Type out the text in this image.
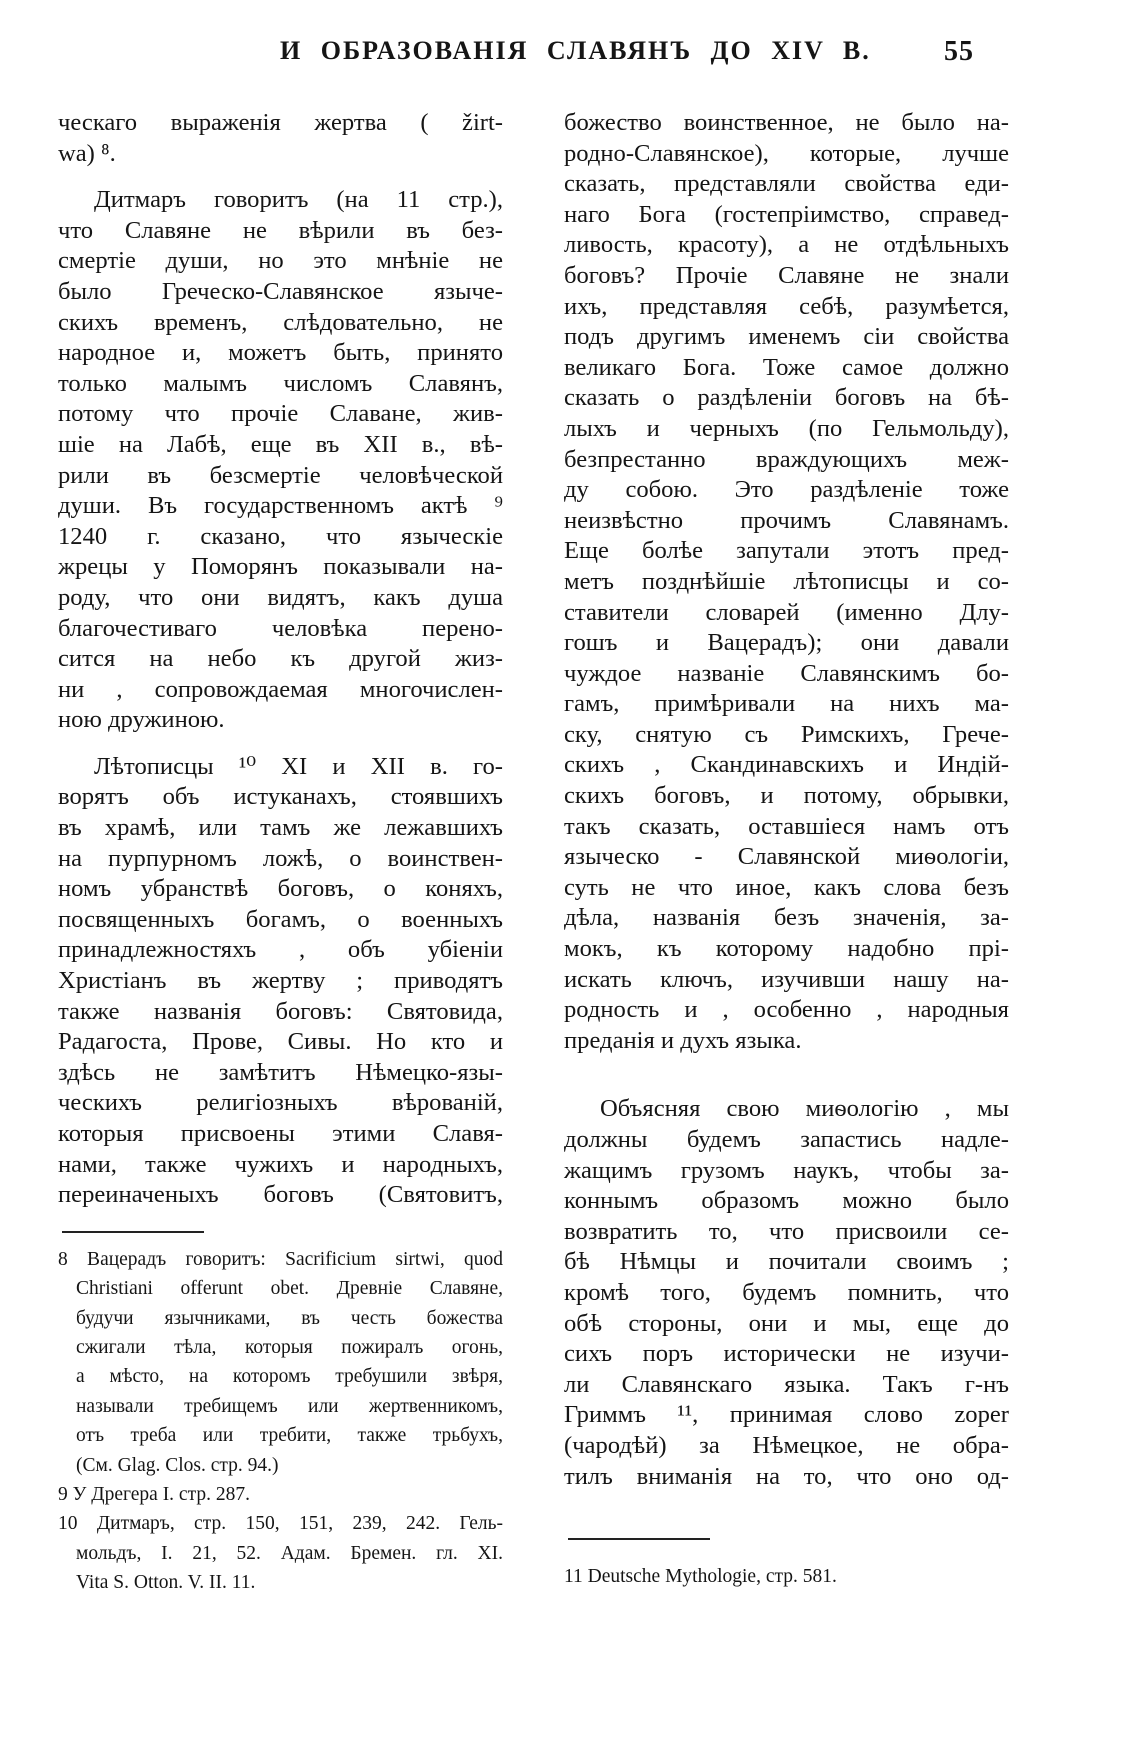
И ОБРАЗОВАНІЯ СЛАВЯНЪ ДО XIV В.	55
ческаго выраженія жертва ( žirt-
wa) ⁸.
Дитмаръ говоритъ (на 11 стр.),
что Славяне не вѣрили въ без-
смертіе души, но это мнѣніе не
было Греческо-Славянское языче-
скихъ временъ, слѣдовательно, не
народное и, можетъ быть, принято
только малымъ числомъ Славянъ,
потому что прочіе Славане, жив-
шіе на Лабѣ, еще въ XII в., вѣ-
рили въ безсмертіе человѣческой
души. Въ государственномъ актѣ ⁹
1240 г. сказано, что языческіе
жрецы у Поморянъ показывали на-
роду, что они видятъ, какъ душа
благочестиваго человѣка перено-
сится на небо къ другой жиз-
ни , сопровождаемая многочислен-
ною дружиною.
Лѣтописцы ¹⁰ XI и XII в. го-
ворятъ объ истуканахъ, стоявшихъ
въ храмѣ, или тамъ же лежавшихъ
на пурпурномъ ложѣ, о воинствен-
номъ убранствѣ боговъ, о коняхъ,
посвященныхъ богамъ, о военныхъ
принадлежностяхъ , объ убіеніи
Христіанъ въ жертву ; приводятъ
также названія боговъ: Святовида,
Радагоста, Прове, Сивы. Но кто и
здѣсь не замѣтитъ Нѣмецко-язы-
ческихъ религіозныхъ вѣрованій,
которыя присвоены этими Славя-
нами, также чужихъ и народныхъ,
переиначеныхъ боговъ (Святовитъ,
8 Вацерадъ говоритъ: Sacrificium sirtwi, quod
Christiani offerunt obet. Древніе Славяне,
будучи язычниками, въ честь божества
сжигали тѣла, которыя пожиралъ огонь,
а мѣсто, на которомъ требушили звѣря,
называли требищемъ или жертвенникомъ,
отъ треба или требити, также трьбухъ,
(См. Glag. Clos. стр. 94.)
9 У Дрегера I. стр. 287.
10 Дитмаръ, стр. 150, 151, 239, 242. Гель-
мольдъ, I. 21, 52. Адам. Бремен. гл. XI.
Vita S. Otton. V. II. 11.
божество воинственное, не было на-
родно-Славянское), которые, лучше
сказать, представляли свойства еди-
наго Бога (гостепріимство, справед-
ливость, красоту), а не отдѣльныхъ
боговъ? Прочіе Славяне не знали
ихъ, представляя себѣ, разумѣется,
подъ другимъ именемъ сіи свойства
великаго Бога. Тоже самое должно
сказать о раздѣленіи боговъ на бѣ-
лыхъ и черныхъ (по Гельмольду),
безпрестанно враждующихъ меж-
ду собою. Это раздѣленіе тоже
неизвѣстно прочимъ Славянамъ.
Еще болѣе запутали этотъ пред-
метъ позднѣйшіе лѣтописцы и со-
ставители словарей (именно Длу-
гошъ и Вацерадъ); они давали
чуждое названіе Славянскимъ бо-
гамъ, примѣривали на нихъ ма-
ску, снятую съ Римскихъ, Грече-
скихъ , Скандинавскихъ и Индій-
скихъ боговъ, и потому, обрывки,
такъ сказать, оставшіеся намъ отъ
языческо - Славянской миѳологіи,
суть не что иное, какъ слова безъ
дѣла, названія безъ значенія, за-
мокъ, къ которому надобно прі-
искать ключъ, изучивши нашу на-
родность и , особенно , народныя
преданія и духъ языка.
Объясняя свою миѳологію , мы
должны будемъ запастись надле-
жащимъ грузомъ наукъ, чтобы за-
коннымъ образомъ можно было
возвратить то, что присвоили се-
бѣ Нѣмцы и почитали своимъ ;
кромѣ того, будемъ помнить, что
обѣ стороны, они и мы, еще до
сихъ поръ исторически не изучи-
ли Славянскаго языка. Такъ г-нъ
Гриммъ ¹¹, принимая слово zoper
(чародѣй) за Нѣмецкое, не обра-
тилъ вниманія на то, что оно од-
11 Deutsche Mythologie, стр. 581.
